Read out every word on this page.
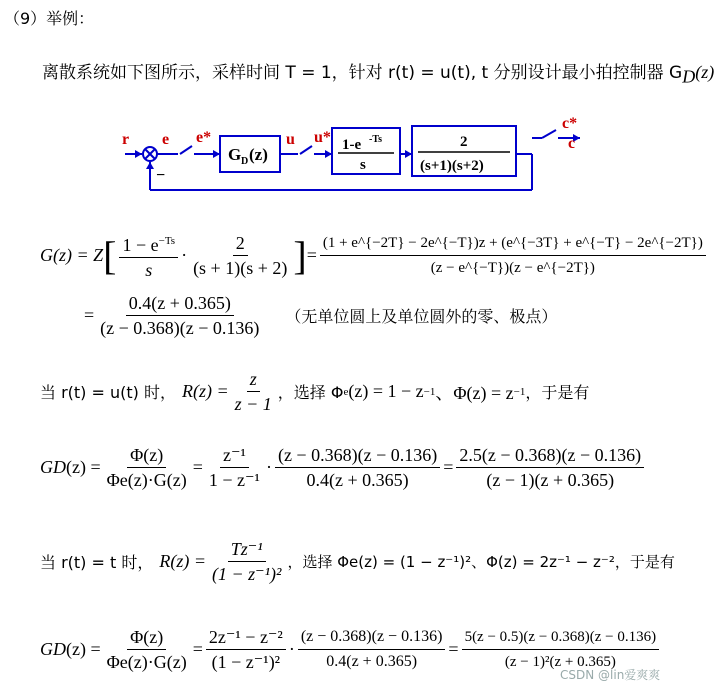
（9）举例：
离散系统如下图所示，采样时间 T = 1，针对 r(t) = u(t), t 分别设计最小拍控制器 $G_D(z)$
r e e*	u u*
c*
c
−
G D (z)	1-e -Ts
s
2
(s+1)(s+2)
G(z) = Z [ $\frac{1 - e^{-Ts}}{s} \cdot \frac{2}{(s + 1)(s + 2)}$ ] = $\frac{(1 + e\^{}\{-2T\} - 2e\^{}\{-T\})z + (e\^{}\{-3T\} + e\^{}\{-T\} - 2e\^{}\{-2T\})}{(z - e\^{}\{-T\})(z - e\^{}\{-2T\})}$
= $\frac{0.4(z + 0.365)}{(z - 0.368)(z - 0.136)}$ （无单位圆上及单位圆外的零、极点）
当 r(t) = u(t) 时， $R(z) = \frac{z}{z - 1}$ ，选择 Φ e (z) = 1 − z −1 、Φ(z) = z −1 ，于是有
G D $(z) = \frac{\Phi(z)}{\Phi e(z)\cdot G(z)} = \frac{\text{z⁻¹}}{\text{1 − z⁻¹}} \cdot \frac{(z - 0.368)(z - 0.136)}{0.4(z + 0.365)} = \frac{2.5(z - 0.368)(z - 0.136)}{(z - 1)(z + 0.365)}$
当 r(t) = t 时， $R(z) = \frac{\text{Tz⁻¹}}{\text{(1 − z⁻¹)²}}$ ，选择 Φe(z) = (1 − z⁻¹)²、Φ(z) = 2z⁻¹ − z⁻²，于是有
G D $(z) = \frac{\Phi(z)}{\Phi e(z)\cdot G(z)} = \frac{\text{2z⁻¹ − z⁻²}}{\text{(1 − z⁻¹)²}} \cdot \frac{(z - 0.368)(z - 0.136)}{0.4(z + 0.365)} = \frac{5(z - 0.5)(z - 0.368)(z - 0.136)}{\text{(z − 1)²(z + 0.365)}}$
CSDN @lin爱爽爽
